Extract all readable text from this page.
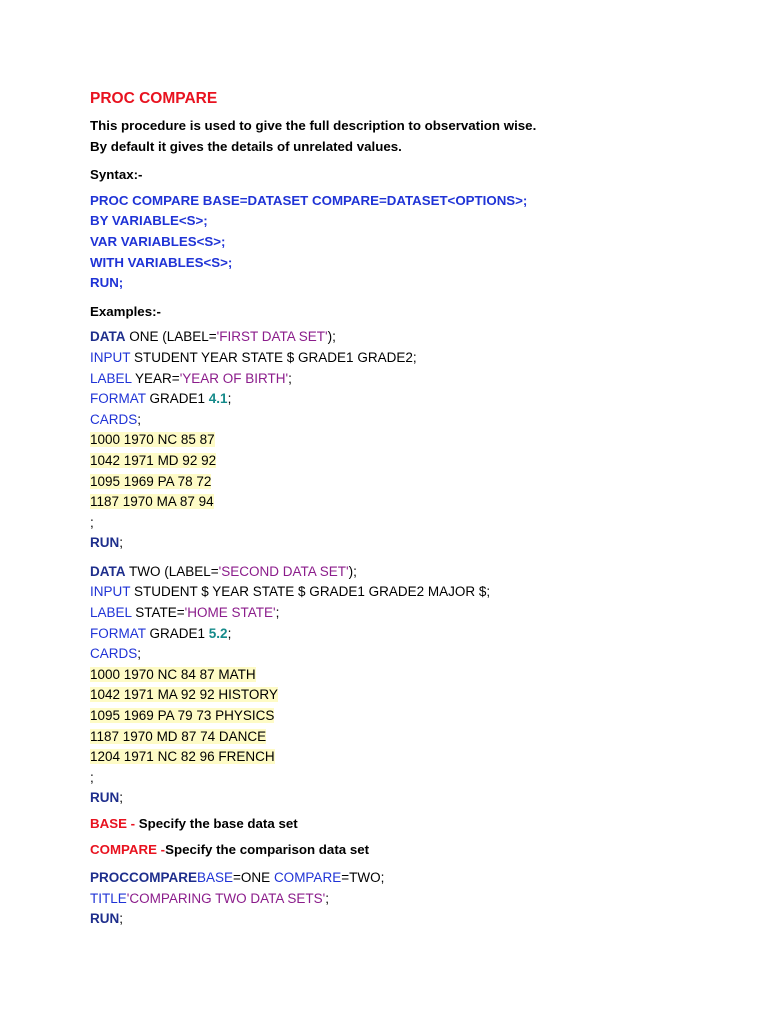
PROC COMPARE
This procedure is used to give the full description to observation wise.
By default it gives the details of unrelated values.
Syntax:-
PROC COMPARE BASE=DATASET COMPARE=DATASET<OPTIONS>;
BY VARIABLE<S>;
VAR VARIABLES<S>;
WITH VARIABLES<S>;
RUN;
Examples:-
DATA ONE (LABEL='FIRST DATA SET');
INPUT STUDENT YEAR STATE $ GRADE1 GRADE2;
LABEL YEAR='YEAR OF BIRTH';
FORMAT GRADE1 4.1;
CARDS;
1000 1970 NC 85 87
1042 1971 MD 92 92
1095 1969 PA 78 72
1187 1970 MA 87 94
;
RUN;
DATA TWO (LABEL='SECOND DATA SET');
INPUT STUDENT $ YEAR STATE $ GRADE1 GRADE2 MAJOR $;
LABEL STATE='HOME STATE';
FORMAT GRADE1 5.2;
CARDS;
1000 1970 NC 84 87 MATH
1042 1971 MA 92 92 HISTORY
1095 1969 PA 79 73 PHYSICS
1187 1970 MD 87 74 DANCE
1204 1971 NC 82 96 FRENCH
;
RUN;
BASE - Specify the base data set
COMPARE -Specify the comparison data set
PROCCOMPAREBASE=ONE COMPARE=TWO;
TITLE'COMPARING TWO DATA SETS';
RUN;
